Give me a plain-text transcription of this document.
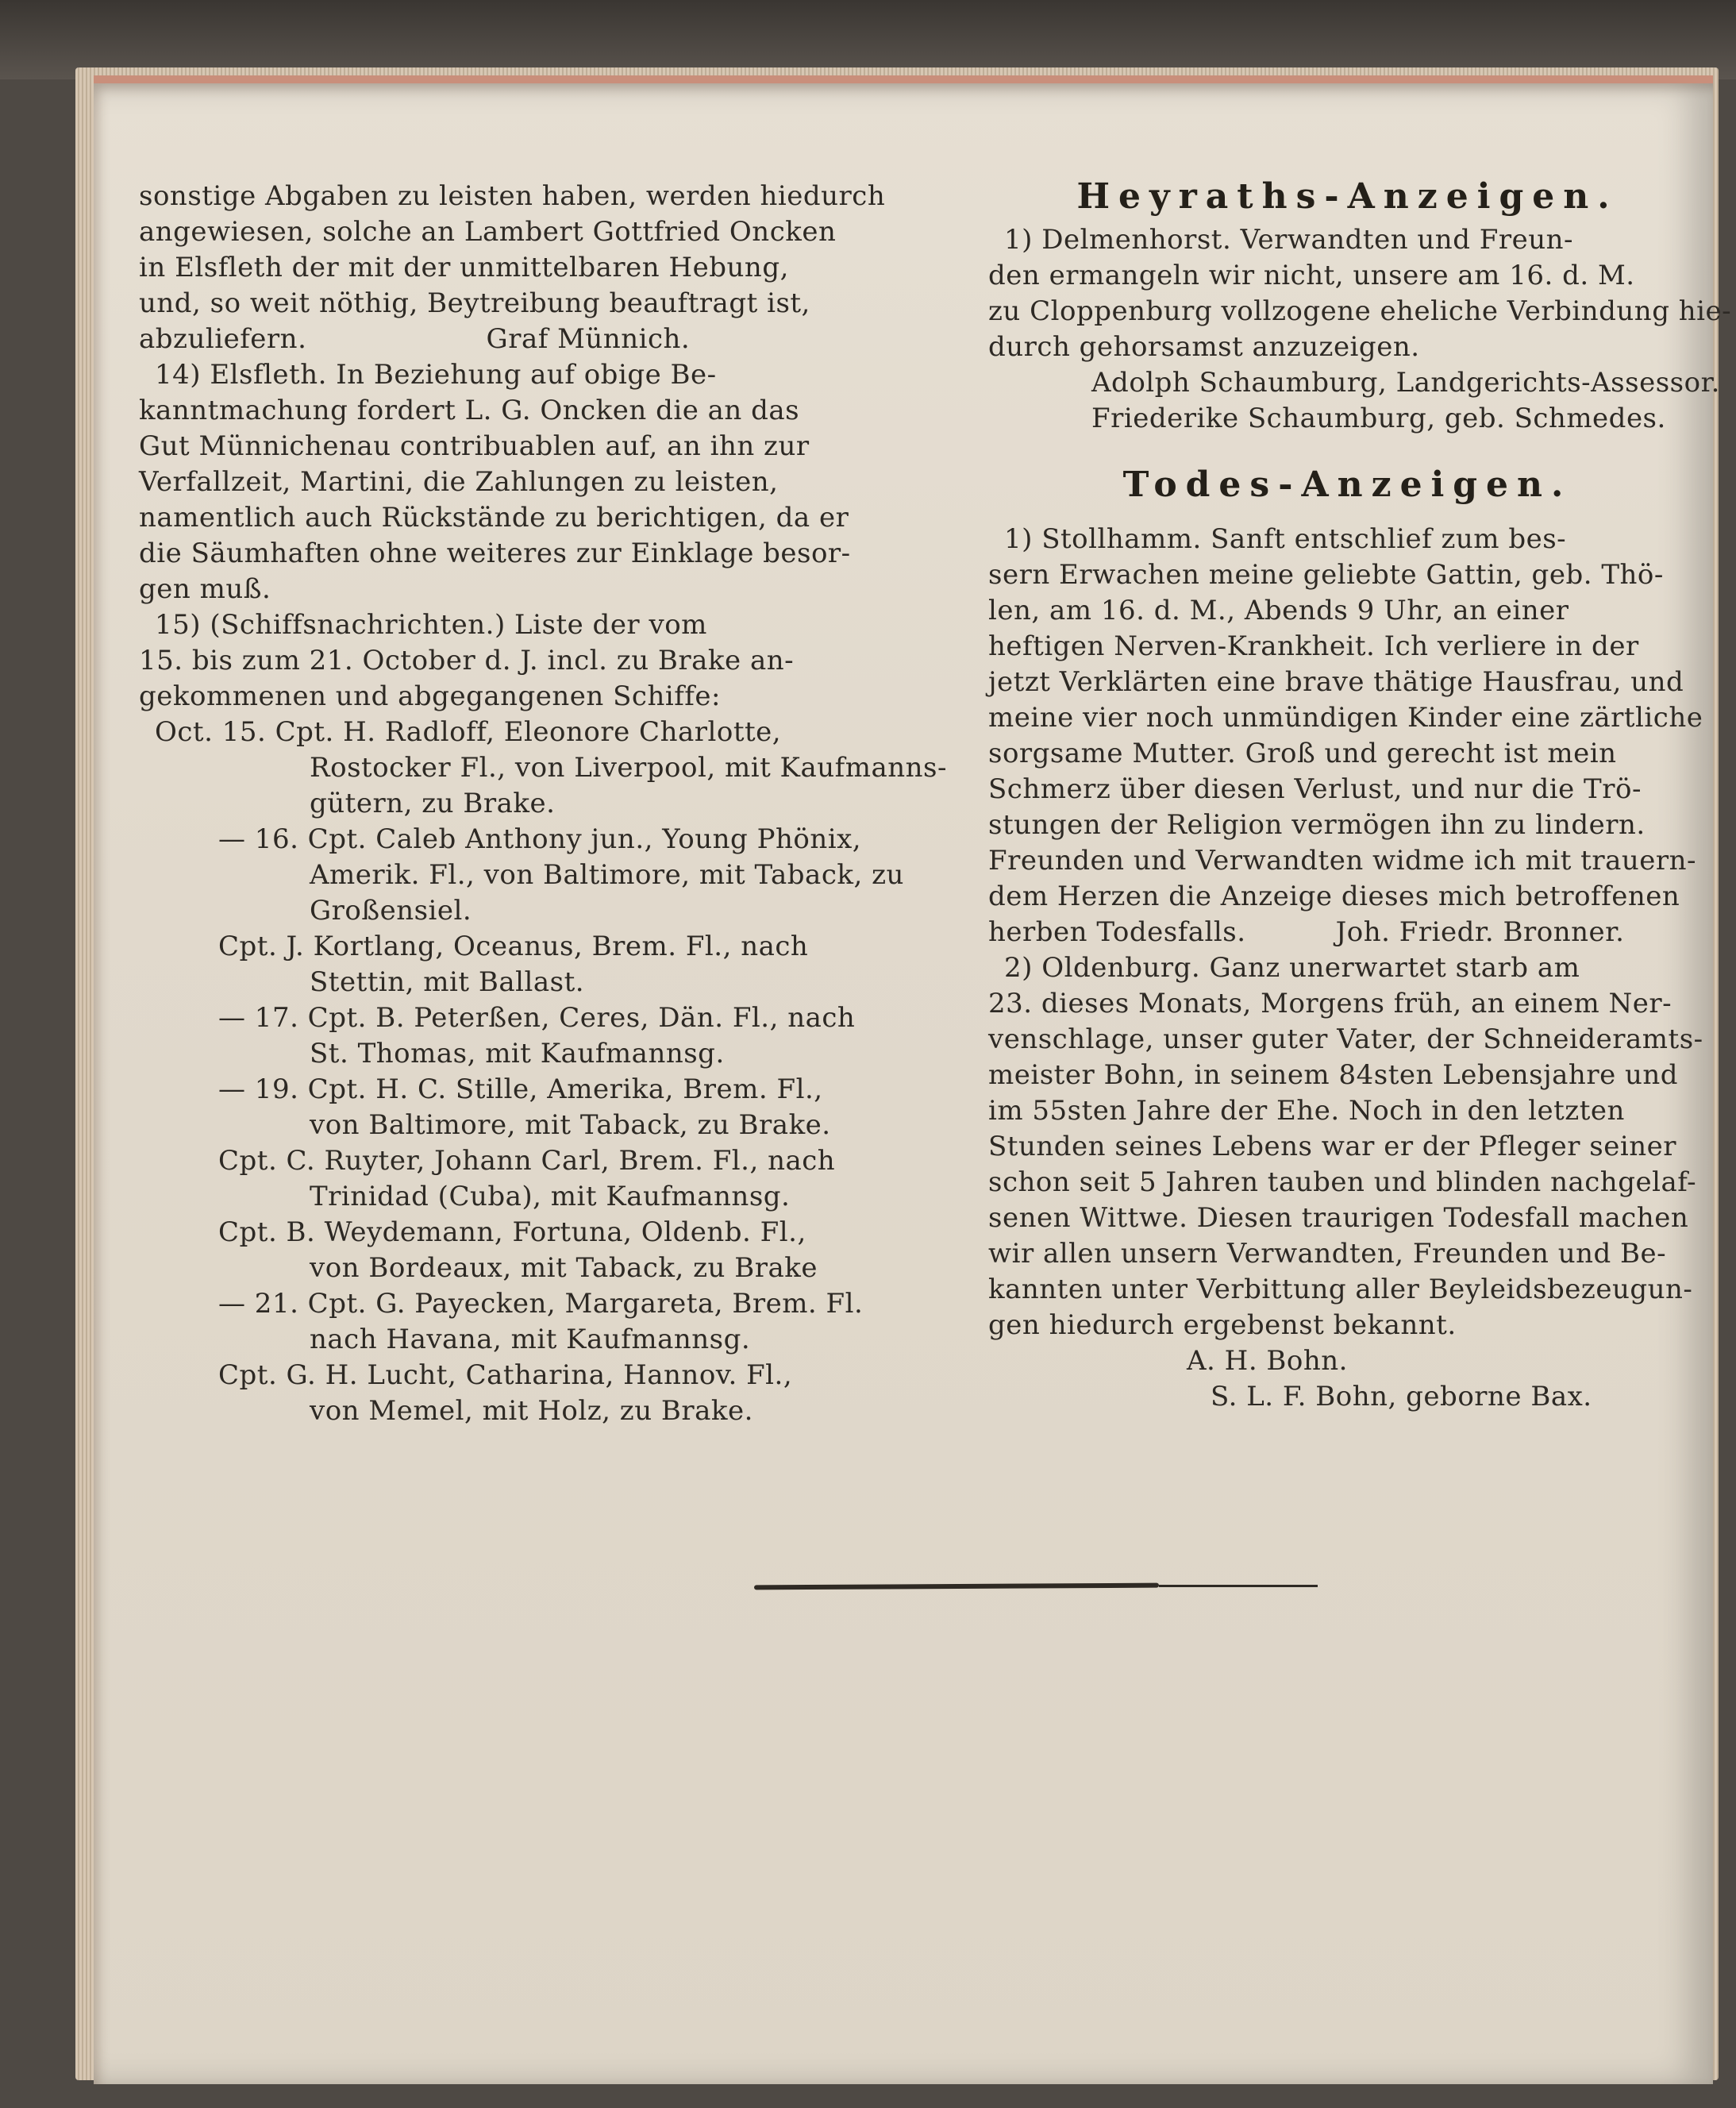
sonstige Abgaben zu leisten haben, werden hiedurch
angewiesen, solche an Lambert Gottfried Oncken
in Elsfleth der mit der unmittelbaren Hebung,
und, so weit nöthig, Beytreibung beauftragt ist,
abzuliefern.                    Graf Münnich.
14) Elsfleth. In Beziehung auf obige Be-
kanntmachung fordert L. G. Oncken die an das
Gut Münnichenau contribuablen auf, an ihn zur
Verfallzeit, Martini, die Zahlungen zu leisten,
namentlich auch Rückstände zu berichtigen, da er
die Säumhaften ohne weiteres zur Einklage besor-
gen muß.
15) (Schiffsnachrichten.) Liste der vom
15. bis zum 21. October d. J. incl. zu Brake an-
gekommenen und abgegangenen Schiffe:
Oct. 15. Cpt. H. Radloff, Eleonore Charlotte,
Rostocker Fl., von Liverpool, mit Kaufmanns-
gütern, zu Brake.
— 16. Cpt. Caleb Anthony jun., Young Phönix,
Amerik. Fl., von Baltimore, mit Taback, zu
Großensiel.
Cpt. J. Kortlang, Oceanus, Brem. Fl., nach
Stettin, mit Ballast.
— 17. Cpt. B. Peterßen, Ceres, Dän. Fl., nach
St. Thomas, mit Kaufmannsg.
— 19. Cpt. H. C. Stille, Amerika, Brem. Fl.,
von Baltimore, mit Taback, zu Brake.
Cpt. C. Ruyter, Johann Carl, Brem. Fl., nach
Trinidad (Cuba), mit Kaufmannsg.
Cpt. B. Weydemann, Fortuna, Oldenb. Fl.,
von Bordeaux, mit Taback, zu Brake
— 21. Cpt. G. Payecken, Margareta, Brem. Fl.
nach Havana, mit Kaufmannsg.
Cpt. G. H. Lucht, Catharina, Hannov. Fl.,
von Memel, mit Holz, zu Brake.
Heyraths-Anzeigen.
1) Delmenhorst. Verwandten und Freun-
den ermangeln wir nicht, unsere am 16. d. M.
zu Cloppenburg vollzogene eheliche Verbindung hie-
durch gehorsamst anzuzeigen.
Adolph Schaumburg, Landgerichts-Assessor.
Friederike Schaumburg, geb. Schmedes.
Todes-Anzeigen.
1) Stollhamm. Sanft entschlief zum bes-
sern Erwachen meine geliebte Gattin, geb. Thö-
len, am 16. d. M., Abends 9 Uhr, an einer
heftigen Nerven-Krankheit. Ich verliere in der
jetzt Verklärten eine brave thätige Hausfrau, und
meine vier noch unmündigen Kinder eine zärtliche
sorgsame Mutter. Groß und gerecht ist mein
Schmerz über diesen Verlust, und nur die Trö-
stungen der Religion vermögen ihn zu lindern.
Freunden und Verwandten widme ich mit trauern-
dem Herzen die Anzeige dieses mich betroffenen
herben Todesfalls.          Joh. Friedr. Bronner.
2) Oldenburg. Ganz unerwartet starb am
23. dieses Monats, Morgens früh, an einem Ner-
venschlage, unser guter Vater, der Schneideramts-
meister Bohn, in seinem 84sten Lebensjahre und
im 55sten Jahre der Ehe. Noch in den letzten
Stunden seines Lebens war er der Pfleger seiner
schon seit 5 Jahren tauben und blinden nachgelaf-
senen Wittwe. Diesen traurigen Todesfall machen
wir allen unsern Verwandten, Freunden und Be-
kannten unter Verbittung aller Beyleidsbezeugun-
gen hiedurch ergebenst bekannt.
A. H. Bohn.
S. L. F. Bohn, geborne Bax.
